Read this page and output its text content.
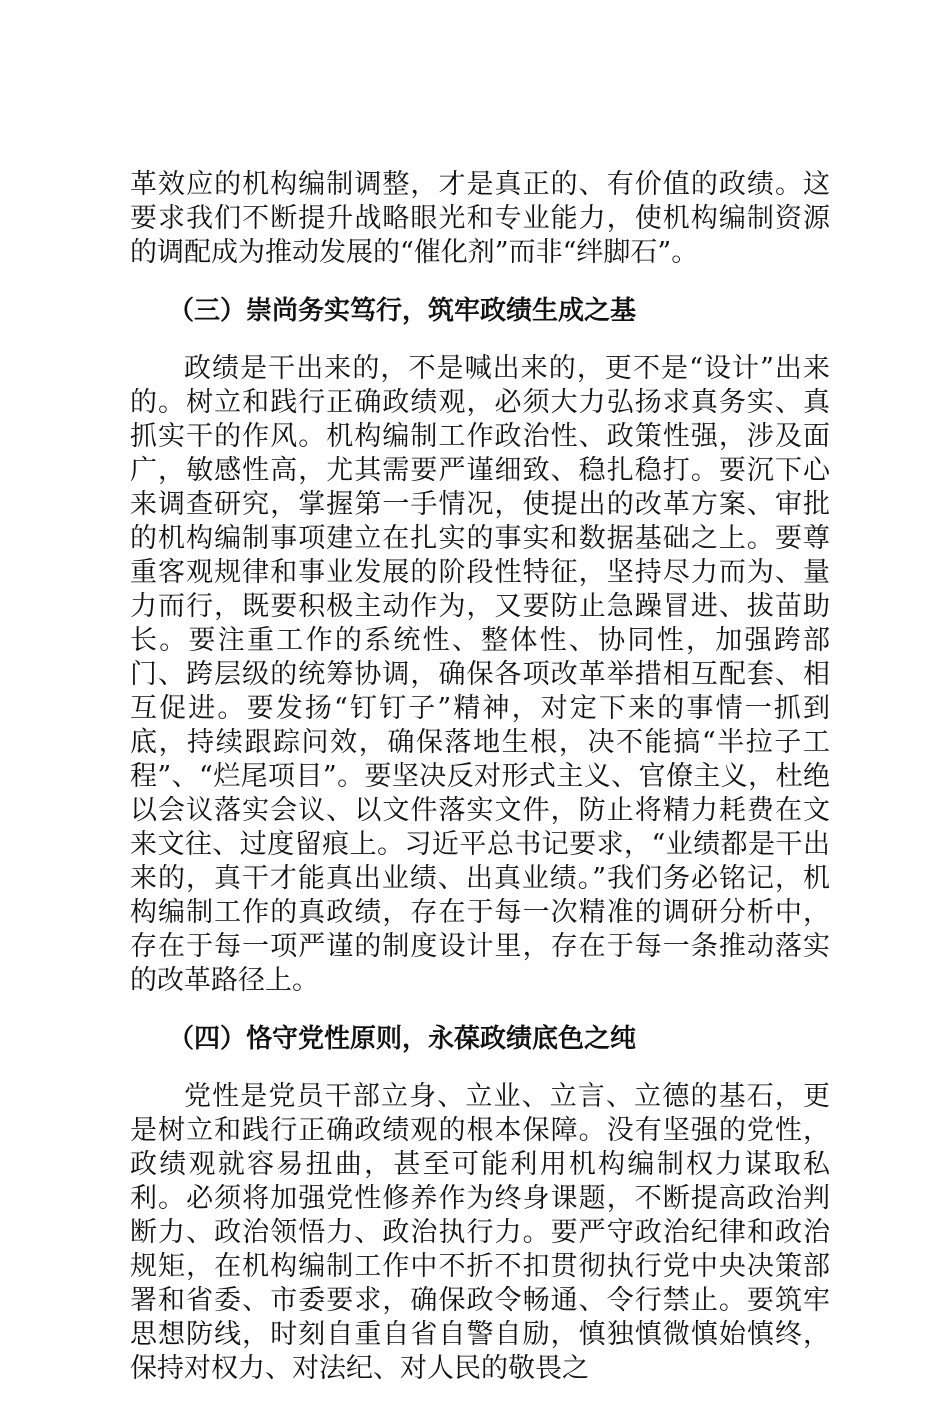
革效应的机构编制调整，才是真正的、有价值的政绩。这要求我们不断提升战略眼光和专业能力，使机构编制资源的调配成为推动发展的“催化剂”而非“绊脚石”。

（三）崇尚务实笃行，筑牢政绩生成之基

政绩是干出来的，不是喊出来的，更不是“设计”出来的。树立和践行正确政绩观，必须大力弘扬求真务实、真抓实干的作风。机构编制工作政治性、政策性强，涉及面广，敏感性高，尤其需要严谨细致、稳扎稳打。要沉下心来调查研究，掌握第一手情况，使提出的改革方案、审批的机构编制事项建立在扎实的事实和数据基础之上。要尊重客观规律和事业发展的阶段性特征，坚持尽力而为、量力而行，既要积极主动作为，又要防止急躁冒进、拔苗助长。要注重工作的系统性、整体性、协同性，加强跨部门、跨层级的统筹协调，确保各项改革举措相互配套、相互促进。要发扬“钉钉子”精神，对定下来的事情一抓到底，持续跟踪问效，确保落地生根，决不能搞“半拉子工程”、“烂尾项目”。要坚决反对形式主义、官僚主义，杜绝以会议落实会议、以文件落实文件，防止将精力耗费在文来文往、过度留痕上。习近平总书记要求，“业绩都是干出来的，真干才能真出业绩、出真业绩。”我们务必铭记，机构编制工作的真政绩，存在于每一次精准的调研分析中，存在于每一项严谨的制度设计里，存在于每一条推动落实的改革路径上。

（四）恪守党性原则，永葆政绩底色之纯

党性是党员干部立身、立业、立言、立德的基石，更是树立和践行正确政绩观的根本保障。没有坚强的党性，政绩观就容易扭曲，甚至可能利用机构编制权力谋取私利。必须将加强党性修养作为终身课题，不断提高政治判断力、政治领悟力、政治执行力。要严守政治纪律和政治规矩，在机构编制工作中不折不扣贯彻执行党中央决策部署和省委、市委要求，确保政令畅通、令行禁止。要筑牢思想防线，时刻自重自省自警自励，慎独慎微慎始慎终，保持对权力、对法纪、对人民的敬畏之
